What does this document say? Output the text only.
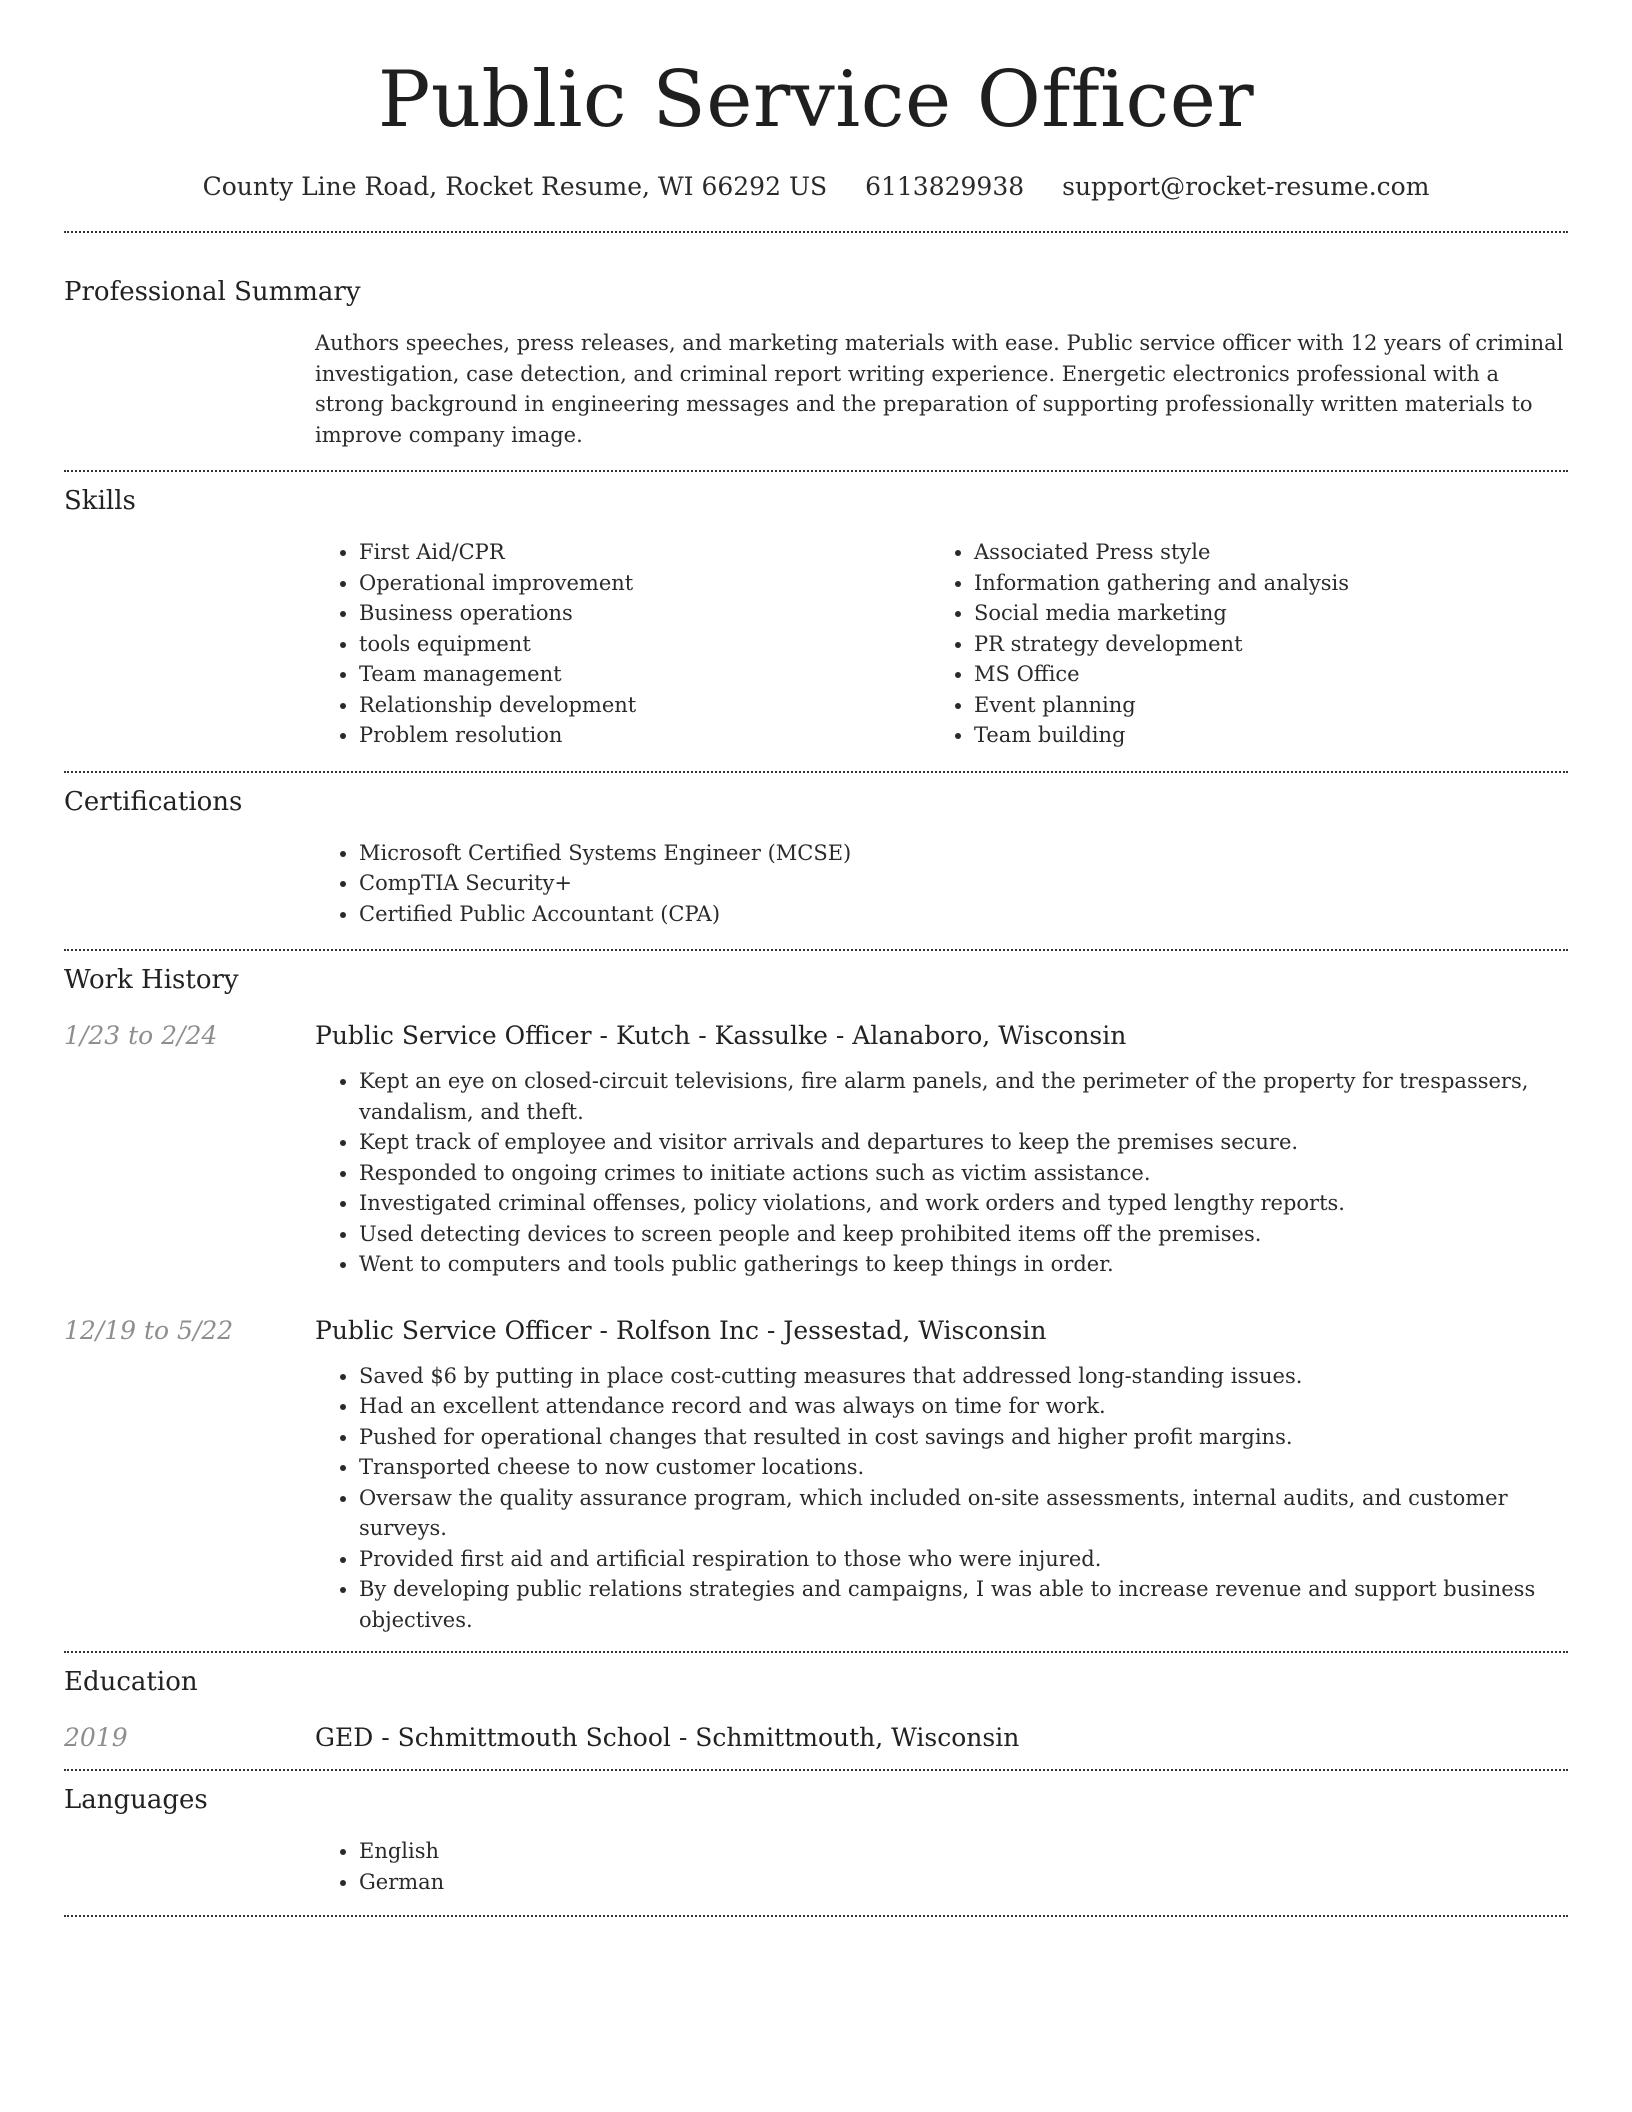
Public Service Officer
County Line Road, Rocket Resume, WI 66292 US 6113829938 support@rocket-resume.com
Professional Summary
Authors speeches, press releases, and marketing materials with ease. Public service officer with 12 years of criminal investigation, case detection, and criminal report writing experience. Energetic electronics professional with a strong background in engineering messages and the preparation of supporting professionally written materials to improve company image.
Skills
• First Aid/CPR
• Operational improvement
• Business operations
• tools equipment
• Team management
• Relationship development
• Problem resolution
• Associated Press style
• Information gathering and analysis
• Social media marketing
• PR strategy development
• MS Office
• Event planning
• Team building
Certifications
• Microsoft Certified Systems Engineer (MCSE)
• CompTIA Security+
• Certified Public Accountant (CPA)
Work History
1/23 to 2/24	Public Service Officer - Kutch - Kassulke - Alanaboro, Wisconsin
• Kept an eye on closed-circuit televisions, fire alarm panels, and the perimeter of the property for trespassers, vandalism, and theft.
• Kept track of employee and visitor arrivals and departures to keep the premises secure.
• Responded to ongoing crimes to initiate actions such as victim assistance.
• Investigated criminal offenses, policy violations, and work orders and typed lengthy reports.
• Used detecting devices to screen people and keep prohibited items off the premises.
• Went to computers and tools public gatherings to keep things in order.
12/19 to 5/22	Public Service Officer - Rolfson Inc - Jessestad, Wisconsin
• Saved $6 by putting in place cost-cutting measures that addressed long-standing issues.
• Had an excellent attendance record and was always on time for work.
• Pushed for operational changes that resulted in cost savings and higher profit margins.
• Transported cheese to now customer locations.
• Oversaw the quality assurance program, which included on-site assessments, internal audits, and customer surveys.
• Provided first aid and artificial respiration to those who were injured.
• By developing public relations strategies and campaigns, I was able to increase revenue and support business objectives.
Education
2019	GED - Schmittmouth School - Schmittmouth, Wisconsin
Languages
• English
• German
